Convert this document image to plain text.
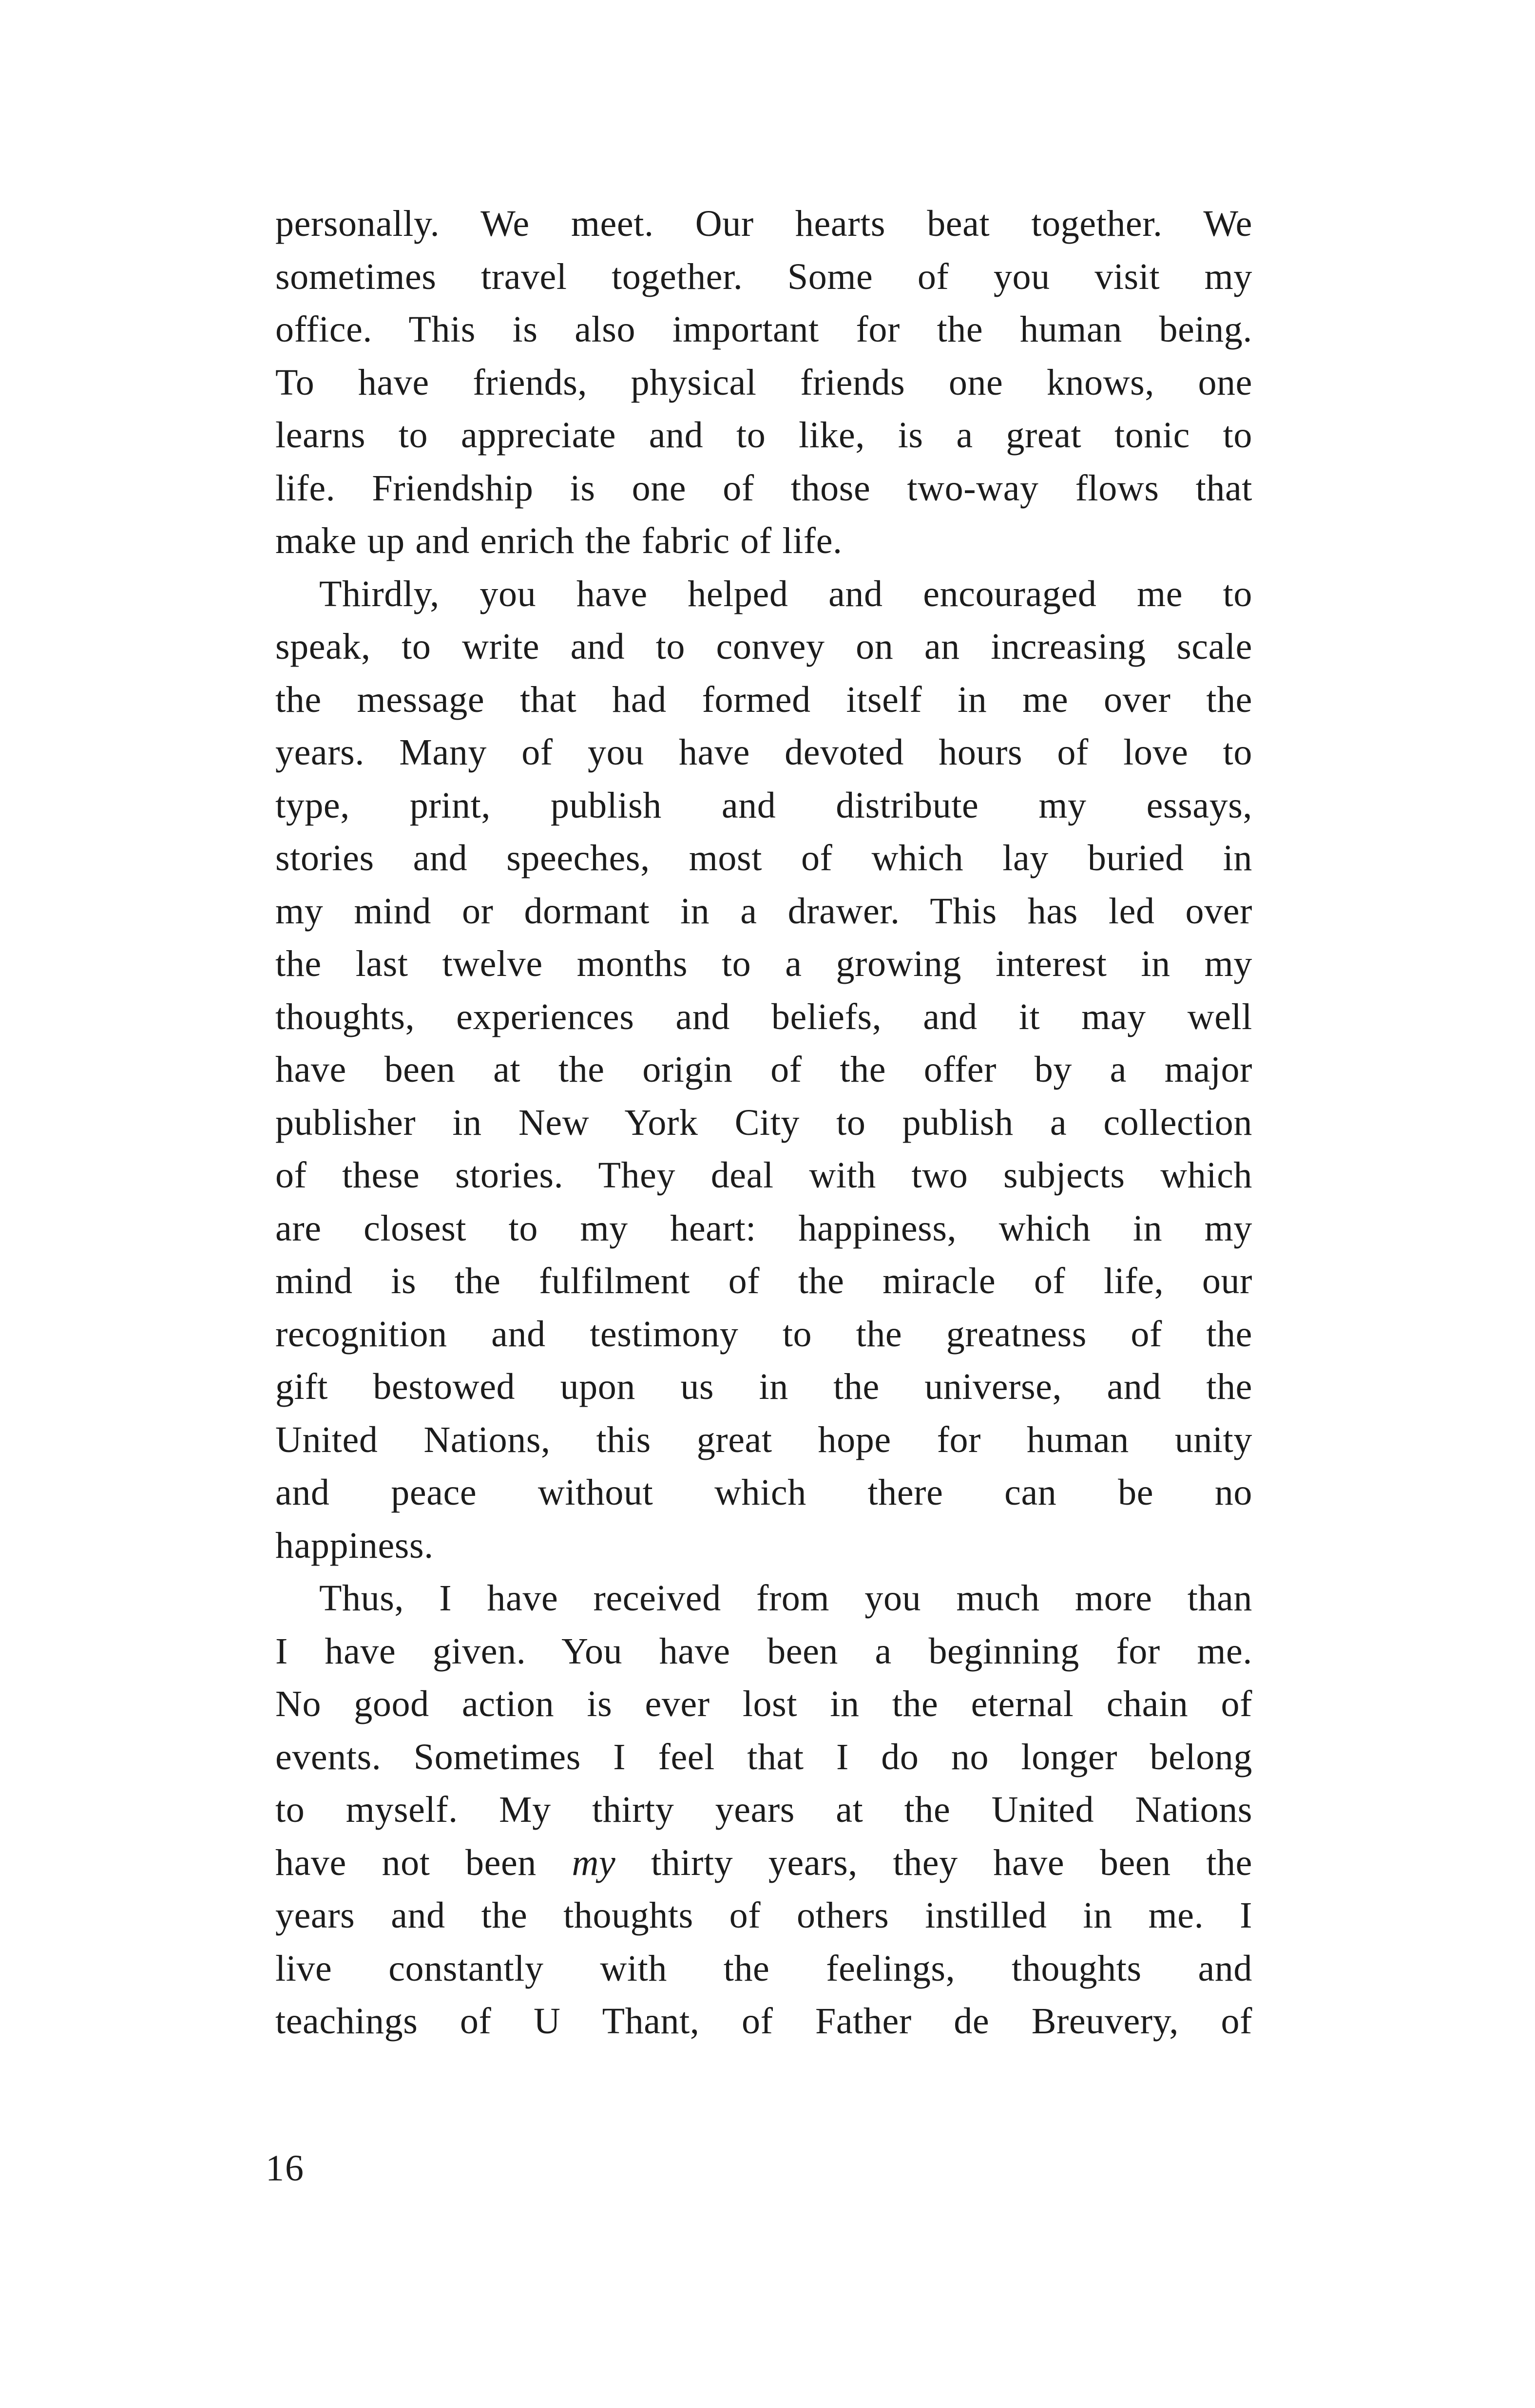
personally. We meet. Our hearts beat together. We
sometimes travel together. Some of you visit my
office. This is also important for the human being.
To have friends, physical friends one knows, one
learns to appreciate and to like, is a great tonic to
life. Friendship is one of those two-way flows that
make up and enrich the fabric of life.
Thirdly, you have helped and encouraged me to
speak, to write and to convey on an increasing scale
the message that had formed itself in me over the
years. Many of you have devoted hours of love to
type, print, publish and distribute my essays,
stories and speeches, most of which lay buried in
my mind or dormant in a drawer. This has led over
the last twelve months to a growing interest in my
thoughts, experiences and beliefs, and it may well
have been at the origin of the offer by a major
publisher in New York City to publish a collection
of these stories. They deal with two subjects which
are closest to my heart: happiness, which in my
mind is the fulfilment of the miracle of life, our
recognition and testimony to the greatness of the
gift bestowed upon us in the universe, and the
United Nations, this great hope for human unity
and peace without which there can be no
happiness.
Thus, I have received from you much more than
I have given. You have been a beginning for me.
No good action is ever lost in the eternal chain of
events. Sometimes I feel that I do no longer belong
to myself. My thirty years at the United Nations
have not been my thirty years, they have been the
years and the thoughts of others instilled in me. I
live constantly with the feelings, thoughts and
teachings of U Thant, of Father de Breuvery, of
16
